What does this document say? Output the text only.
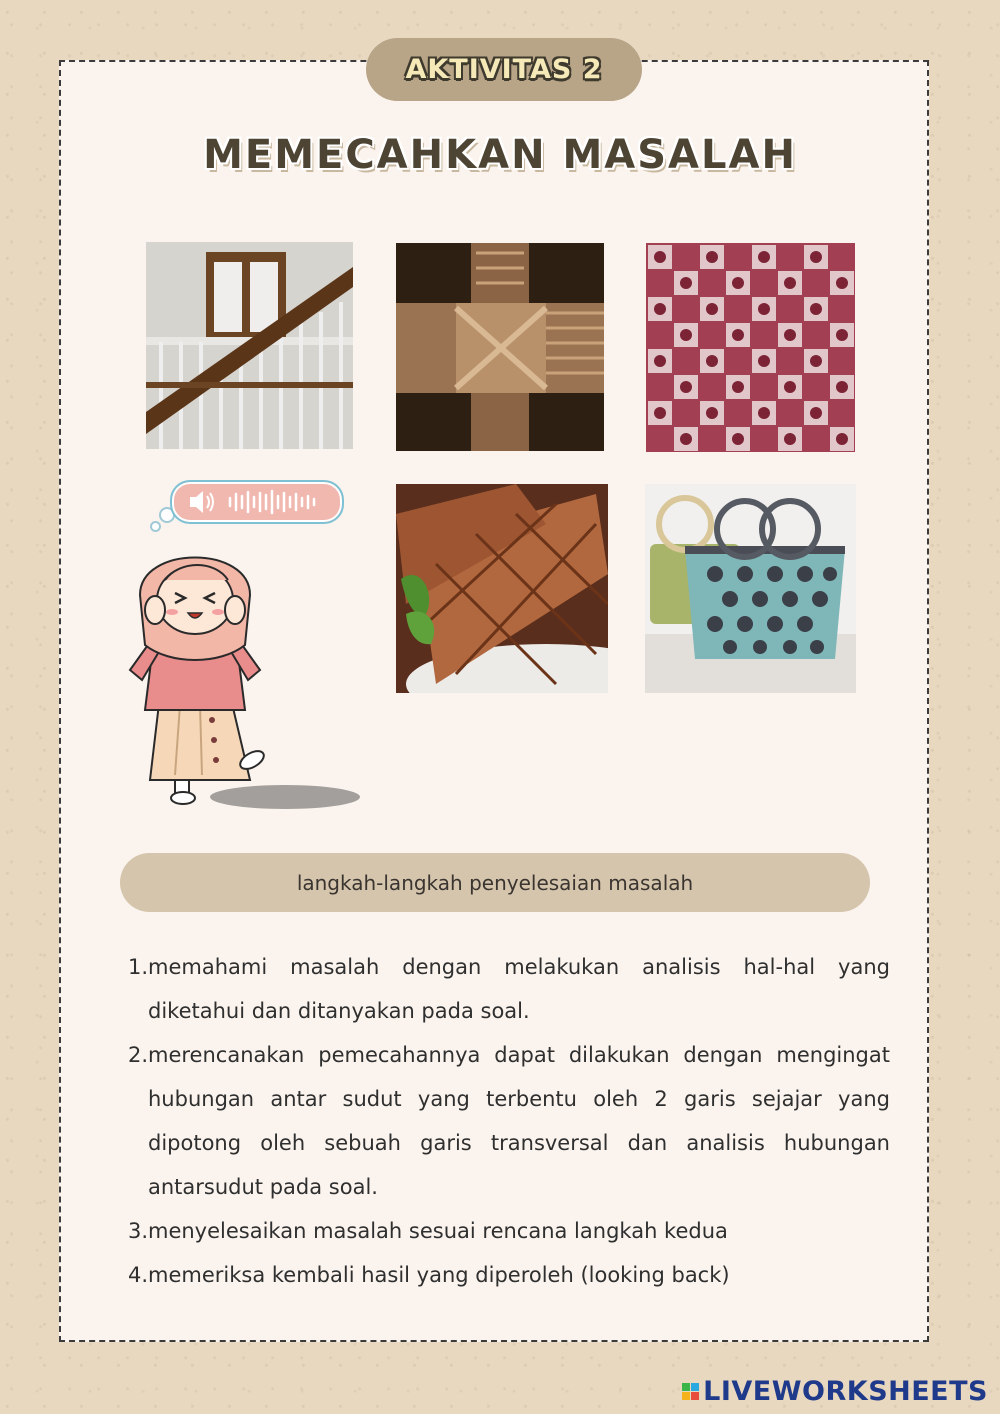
AKTIVITAS 2
MEMECAHKAN MASALAH
langkah-langkah penyelesaian masalah
1. memahami masalah dengan melakukan analisis hal-hal yang diketahui dan ditanyakan pada soal.
2. merencanakan pemecahannya dapat dilakukan dengan mengingat hubungan antar sudut yang terbentu oleh 2 garis sejajar yang dipotong oleh sebuah garis transversal dan analisis hubungan antarsudut pada soal.
3. menyelesaikan masalah sesuai rencana langkah kedua
4. memeriksa kembali hasil yang diperoleh (looking back)
LIVEWORKSHEETS
